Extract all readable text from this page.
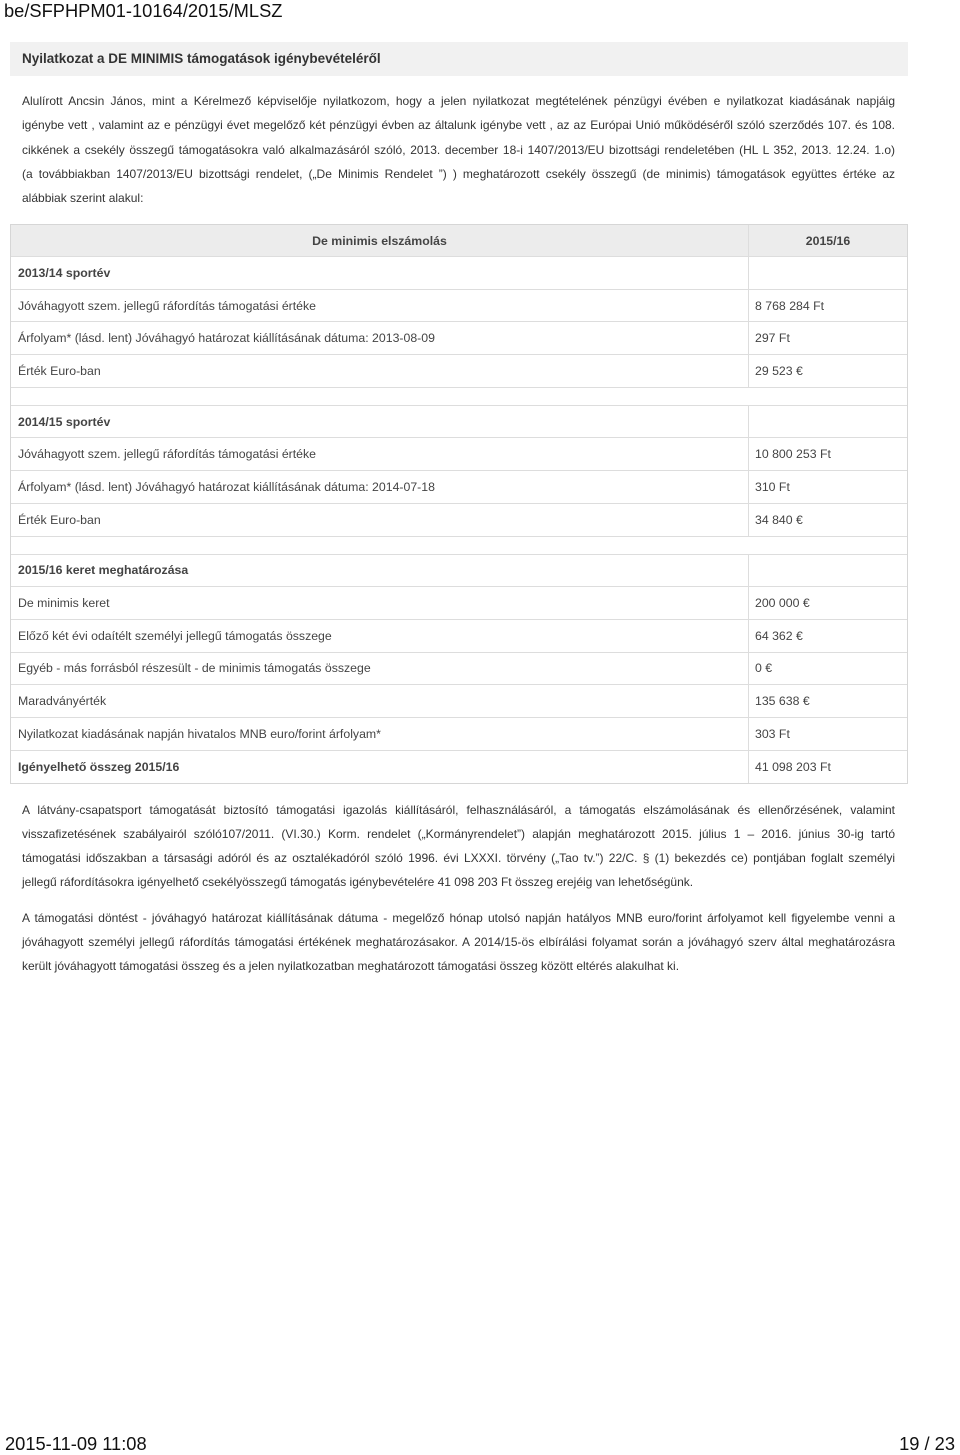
be/SFPHPM01-10164/2015/MLSZ
Nyilatkozat a DE MINIMIS támogatások igénybevételéről
Alulírott Ancsin János, mint a Kérelmező képviselője nyilatkozom, hogy a jelen nyilatkozat megtételének pénzügyi évében e nyilatkozat kiadásának napjáig
igénybe vett , valamint az e pénzügyi évet megelőző két pénzügyi évben az általunk igénybe vett , az az Európai Unió működéséről szóló szerződés 107. és 108.
cikkének a csekély összegű támogatásokra való alkalmazásáról szóló, 2013. december 18-i 1407/2013/EU bizottsági rendeletében (HL L 352, 2013. 12.24. 1.o)
(a továbbiakban 1407/2013/EU bizottsági rendelet, („De Minimis Rendelet ”) ) meghatározott csekély összegű (de minimis) támogatások együttes értéke az
alábbiak szerint alakul:
De minimis elszámolás	2015/16
2013/14 sportév
Jóváhagyott szem. jellegű ráfordítás támogatási értéke	8 768 284 Ft
Árfolyam* (lásd. lent) Jóváhagyó határozat kiállításának dátuma: 2013-08-09	297 Ft
Érték Euro-ban	29 523 €
2014/15 sportév
Jóváhagyott szem. jellegű ráfordítás támogatási értéke	10 800 253 Ft
Árfolyam* (lásd. lent) Jóváhagyó határozat kiállításának dátuma: 2014-07-18	310 Ft
Érték Euro-ban	34 840 €
2015/16 keret meghatározása
De minimis keret	200 000 €
Előző két évi odaítélt személyi jellegű támogatás összege	64 362 €
Egyéb - más forrásból részesült - de minimis támogatás összege	0 €
Maradványérték	135 638 €
Nyilatkozat kiadásának napján hivatalos MNB euro/forint árfolyam*	303 Ft
Igényelhető összeg 2015/16	41 098 203 Ft
A látvány-csapatsport támogatását biztosító támogatási igazolás kiállításáról, felhasználásáról, a támogatás elszámolásának és ellenőrzésének, valamint
visszafizetésének szabályairól szóló107/2011. (VI.30.) Korm. rendelet („Kormányrendelet”) alapján meghatározott 2015. július 1 – 2016. június 30-ig tartó
támogatási időszakban a társasági adóról és az osztalékadóról szóló 1996. évi LXXXI. törvény („Tao tv.”) 22/C. § (1) bekezdés ce) pontjában foglalt személyi
jellegű ráfordításokra igényelhető csekélyösszegű támogatás igénybevételére 41 098 203 Ft összeg erejéig van lehetőségünk.
A támogatási döntést - jóváhagyó határozat kiállításának dátuma - megelőző hónap utolsó napján hatályos MNB euro/forint árfolyamot kell figyelembe venni a
jóváhagyott személyi jellegű ráfordítás támogatási értékének meghatározásakor. A 2014/15-ös elbírálási folyamat során a jóváhagyó szerv által meghatározásra
került jóváhagyott támogatási összeg és a jelen nyilatkozatban meghatározott támogatási összeg között eltérés alakulhat ki.
2015-11-09 11:08	19 / 23
